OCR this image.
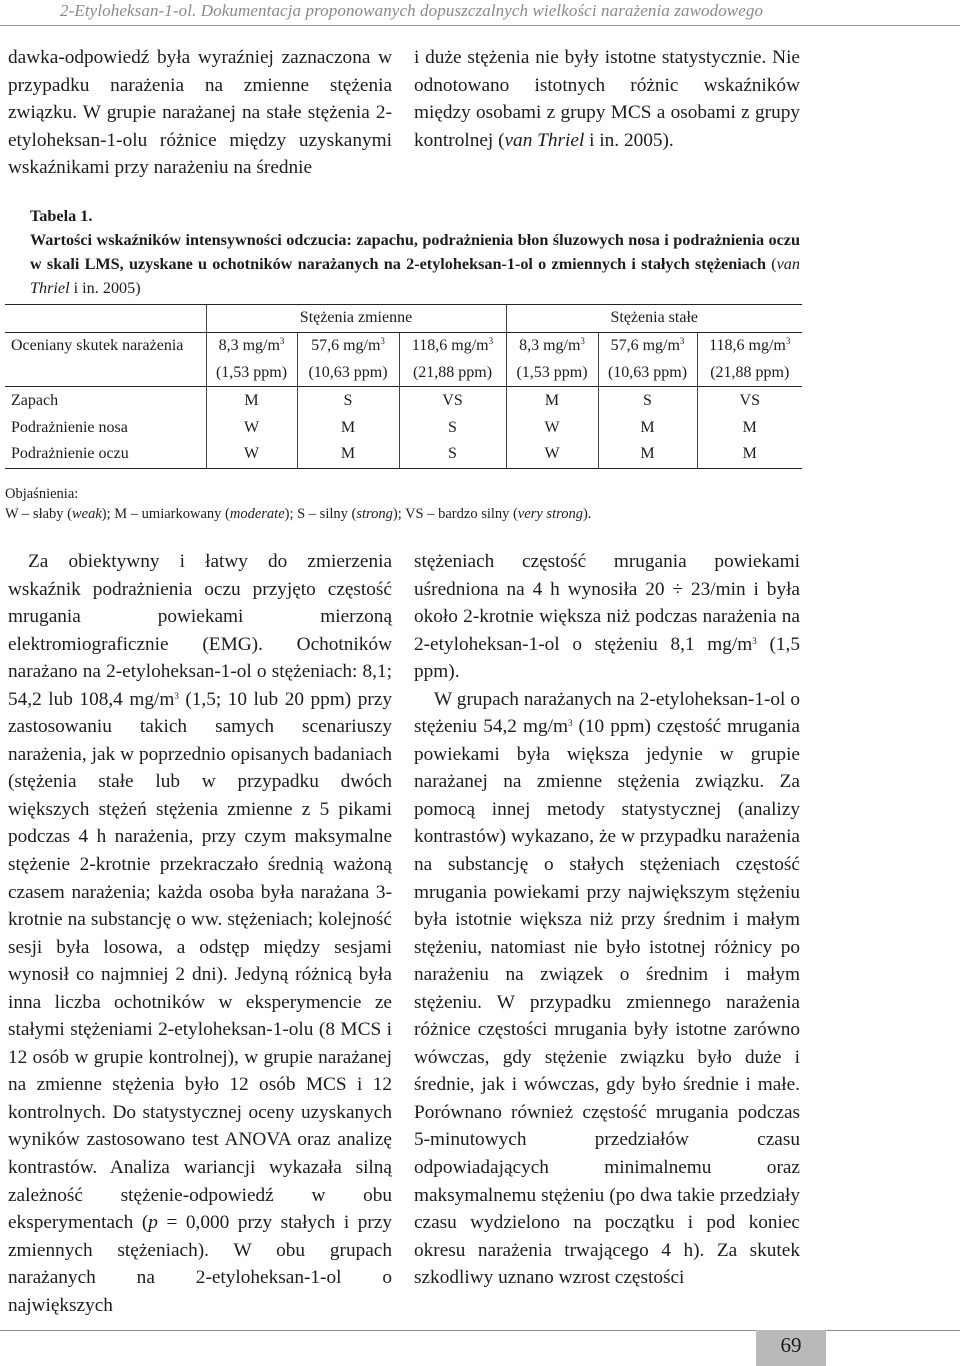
2-Etyloheksan-1-ol. Dokumentacja proponowanych dopuszczalnych wielkości narażenia zawodowego

dawka-odpowiedź była wyraźniej zaznaczona w przypadku narażenia na zmienne stężenia związku. W grupie narażanej na stałe stężenia 2-etyloheksan-1-olu różnice między uzyskanymi wskaźnikami przy narażeniu na średnie

i duże stężenia nie były istotne statystycznie. Nie odnotowano istotnych różnic wskaźników między osobami z grupy MCS a osobami z grupy kontrolnej (van Thriel i in. 2005).

Tabela 1.
Wartości wskaźników intensywności odczucia: zapachu, podrażnienia błon śluzowych nosa i podrażnienia oczu w skali LMS, uzyskane u ochotników narażanych na 2-etyloheksan-1-ol o zmiennych i stałych stężeniach (van Thriel i in. 2005)
	Stężenia zmienne			Stężenia stałe		
Oceniany skutek narażenia	8,3 $mg/m^3$	57,6 $mg/m^3$	118,6 $mg/m^3$	8,3 $mg/m^3$	57,6 $mg/m^3$	118,6 $mg/m^3$
	(1,53 ppm)	(10,63 ppm)	(21,88 ppm)	(1,53 ppm)	(10,63 ppm)	(21,88 ppm)
Zapach	M	S	VS	M	S	VS
Podrażnienie nosa	W	M	S	W	M	M
Podrażnienie oczu	W	M	S	W	M	M
Objaśnienia:
W – słaby (weak); M – umiarkowany (moderate); S – silny (strong); VS – bardzo silny (very strong).

Za obiektywny i łatwy do zmierzenia wskaźnik podrażnienia oczu przyjęto częstość mrugania powiekami mierzoną elektromiograficznie (EMG). Ochotników narażano na 2-etyloheksan-1-ol o stężeniach: 8,1; 54,2 lub 108,4 $mg/m^3$ (1,5; 10 lub 20 ppm) przy zastosowaniu takich samych scenariuszy narażenia, jak w poprzednio opisanych badaniach (stężenia stałe lub w przypadku dwóch większych stężeń stężenia zmienne z 5 pikami podczas 4 h narażenia, przy czym maksymalne stężenie 2-krotnie przekraczało średnią ważoną czasem narażenia; każda osoba była narażana 3-krotnie na substancję o ww. stężeniach; kolejność sesji była losowa, a odstęp między sesjami wynosił co najmniej 2 dni). Jedyną różnicą była inna liczba ochotników w eksperymencie ze stałymi stężeniami 2-etyloheksan-1-olu (8 MCS i 12 osób w grupie kontrolnej), w grupie narażanej na zmienne stężenia było 12 osób MCS i 12 kontrolnych. Do statystycznej oceny uzyskanych wyników zastosowano test ANOVA oraz analizę kontrastów. Analiza wariancji wykazała silną zależność stężenie-odpowiedź w obu eksperymentach (p = 0,000 przy stałych i przy zmiennych stężeniach). W obu grupach narażanych na 2-etyloheksan-1-ol o największych

stężeniach częstość mrugania powiekami uśredniona na 4 h wynosiła 20 ÷ 23/min i była około 2-krotnie większa niż podczas narażenia na 2-etyloheksan-1-ol o stężeniu 8,1 $mg/m^3$ (1,5 ppm).

W grupach narażanych na 2-etyloheksan-1-ol o stężeniu 54,2 $mg/m^3$ (10 ppm) częstość mrugania powiekami była większa jedynie w grupie narażanej na zmienne stężenia związku. Za pomocą innej metody statystycznej (analizy kontrastów) wykazano, że w przypadku narażenia na substancję o stałych stężeniach częstość mrugania powiekami przy największym stężeniu była istotnie większa niż przy średnim i małym stężeniu, natomiast nie było istotnej różnicy po narażeniu na związek o średnim i małym stężeniu. W przypadku zmiennego narażenia różnice częstości mrugania były istotne zarówno wówczas, gdy stężenie związku było duże i średnie, jak i wówczas, gdy było średnie i małe. Porównano również częstość mrugania podczas 5-minutowych przedziałów czasu odpowiadających minimalnemu oraz maksymalnemu stężeniu (po dwa takie przedziały czasu wydzielono na początku i pod koniec okresu narażenia trwającego 4 h). Za skutek szkodliwy uznano wzrost częstości

69
